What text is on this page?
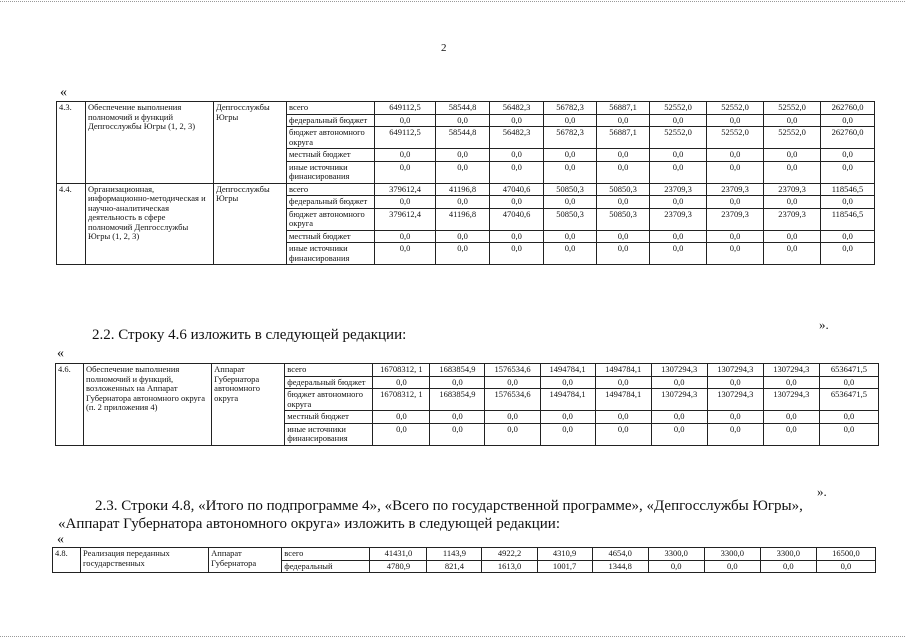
2
«
4.3.	Обеспечение выполнения полномочий и функций Депгосслужбы Югры (1, 2, 3)	Депгосслужбы Югры	всего	649112,5	58544,8	56482,3	56782,3	56887,1	52552,0	52552,0	52552,0	262760,0
			федеральный бюджет	0,0	0,0	0,0	0,0	0,0	0,0	0,0	0,0	0,0
			бюджет автономного округа	649112,5	58544,8	56482,3	56782,3	56887,1	52552,0	52552,0	52552,0	262760,0
			местный бюджет	0,0	0,0	0,0	0,0	0,0	0,0	0,0	0,0	0,0
			иные источники финансирования	0,0	0,0	0,0	0,0	0,0	0,0	0,0	0,0	0,0
4.4.	Организационная, информационно-методическая и научно-аналитическая деятельность в сфере полномочий Депгосслужбы Югры (1, 2, 3)	Депгосслужбы Югры	всего	379612,4	41196,8	47040,6	50850,3	50850,3	23709,3	23709,3	23709,3	118546,5
			федеральный бюджет	0,0	0,0	0,0	0,0	0,0	0,0	0,0	0,0	0,0
			бюджет автономного округа	379612,4	41196,8	47040,6	50850,3	50850,3	23709,3	23709,3	23709,3	118546,5
			местный бюджет	0,0	0,0	0,0	0,0	0,0	0,0	0,0	0,0	0,0
			иные источники финансирования	0,0	0,0	0,0	0,0	0,0	0,0	0,0	0,0	0,0
».
2.2. Строку 4.6 изложить в следующей редакции:
«
4.6.	Обеспечение выполнения полномочий и функций, возложенных на Аппарат Губернатора автономного округа (п. 2 приложения 4)	Аппарат Губернатора автономного округа	всего	16708312, 1	1683854,9	1576534,6	1494784,1	1494784,1	1307294,3	1307294,3	1307294,3	6536471,5
			федеральный бюджет	0,0	0,0	0,0	0,0	0,0	0,0	0,0	0,0	0,0
			бюджет автономного округа	16708312, 1	1683854,9	1576534,6	1494784,1	1494784,1	1307294,3	1307294,3	1307294,3	6536471,5
			местный бюджет	0,0	0,0	0,0	0,0	0,0	0,0	0,0	0,0	0,0
			иные источники финансирования	0,0	0,0	0,0	0,0	0,0	0,0	0,0	0,0	0,0
».
2.3. Строки 4.8, «Итого по подпрограмме 4», «Всего по государственной программе», «Депгосслужбы Югры»,
«Аппарат Губернатора автономного округа» изложить в следующей редакции:
«
4.8.	Реализация переданных государственных	Аппарат Губернатора	всего	41431,0	1143,9	4922,2	4310,9	4654,0	3300,0	3300,0	3300,0	16500,0
			федеральный	4780,9	821,4	1613,0	1001,7	1344,8	0,0	0,0	0,0	0,0
